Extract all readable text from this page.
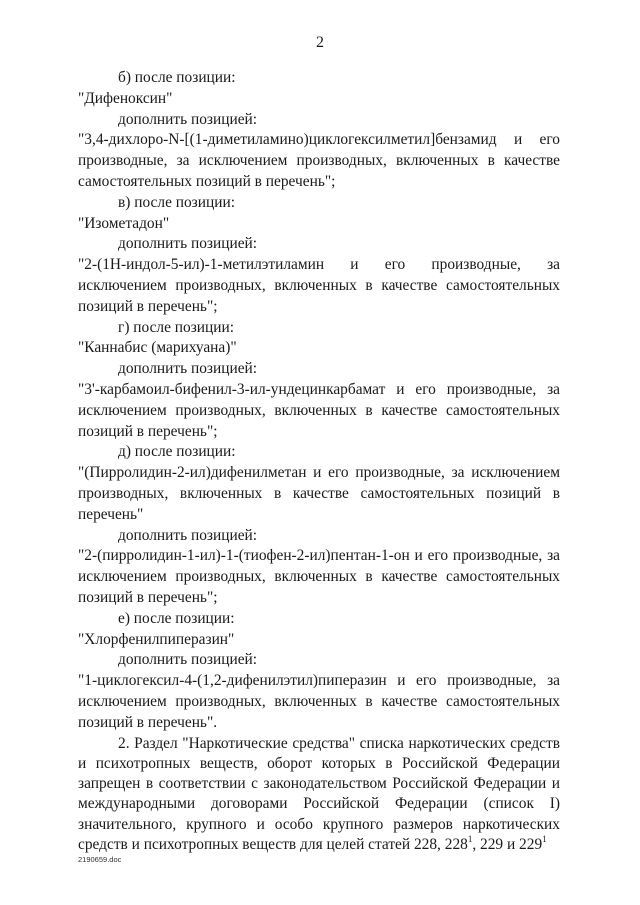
2

б) после позиции:

"Дифеноксин"

дополнить позицией:

"3,4-дихлоро-N-[(1-диметиламино)циклогексилметил]бензамид и его производные, за исключением производных, включенных в качестве самостоятельных позиций в перечень";

в) после позиции:

"Изометадон"

дополнить позицией:

"2-(1Н-индол-5-ил)-1-метилэтиламин и его производные, за исключением производных, включенных в качестве самостоятельных позиций в перечень";

г) после позиции:

"Каннабис (марихуана)"

дополнить позицией:

"3'-карбамоил-бифенил-3-ил-ундецинкарбамат и его производные, за исключением производных, включенных в качестве самостоятельных позиций в перечень";

д) после позиции:

"(Пирролидин-2-ил)дифенилметан и его производные, за исключением производных, включенных в качестве самостоятельных позиций в перечень"

дополнить позицией:

"2-(пирролидин-1-ил)-1-(тиофен-2-ил)пентан-1-он и его производные, за исключением производных, включенных в качестве самостоятельных позиций в перечень";

е) после позиции:

"Хлорфенилпиперазин"

дополнить позицией:

"1-циклогексил-4-(1,2-дифенилэтил)пиперазин и его производные, за исключением производных, включенных в качестве самостоятельных позиций в перечень".

2. Раздел "Наркотические средства" списка наркотических средств и психотропных веществ, оборот которых в Российской Федерации запрещен в соответствии с законодательством Российской Федерации и международными договорами Российской Федерации (список I) значительного, крупного и особо крупного размеров наркотических средств и психотропных веществ для целей статей 228, $228^1$, 229 и $229^1$

2190659.doc
